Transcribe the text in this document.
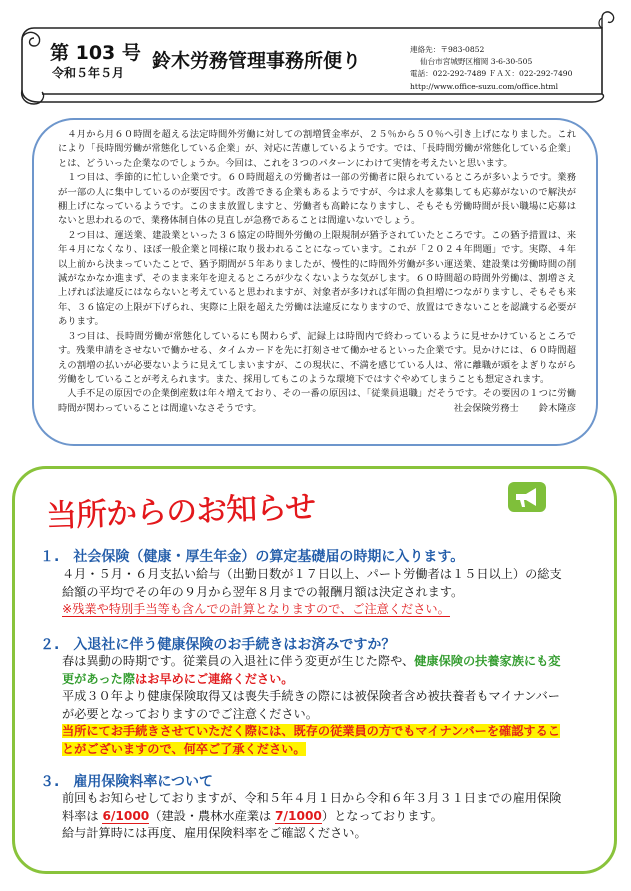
第 103 号
令和５年５月
鈴木労務管理事務所便り
連絡先：〒983-0852
仙台市宮城野区榴岡 3-6-30-505
電話：022-292-7489 ＦＡＸ：022-292-7490
http://www.office-suzu.com/office.html

４月から月６０時間を超える法定時間外労働に対しての割増賃金率が、２５％から５０％へ引き上げになりました。これにより「長時間労働が常態化している企業」が、対応に苦慮しているようです。では、「長時間労働が常態化している企業」とは、どういった企業なのでしょうか。今回は、これを３つのパターンにわけて実情を考えたいと思います。

１つ目は、季節的に忙しい企業です。６０時間超えの労働者は一部の労働者に限られているところが多いようです。業務が一部の人に集中しているのが要因です。改善できる企業もあるようですが、今は求人を募集しても応募がないので解決が棚上げになっているようです。このまま放置しますと、労働者も高齢になりますし、そもそも労働時間が長い職場に応募はないと思われるので、業務体制自体の見直しが急務であることは間違いないでしょう。

２つ目は、運送業、建設業といった３６協定の時間外労働の上限規制が猶予されていたところです。この猶予措置は、来年４月になくなり、ほぼ一般企業と同様に取り扱われることになっています。これが「２０２４年問題」です。実際、４年以上前から決まっていたことで、猶予期間が５年ありましたが、慢性的に時間外労働が多い運送業、建設業は労働時間の削減がなかなか進まず、そのまま来年を迎えるところが少なくないような気がします。６０時間超の時間外労働は、割増さえ上げれば法違反にはならないと考えていると思われますが、対象者が多ければ年間の負担増につながりますし、そもそも来年、３６協定の上限が下げられ、実際に上限を超えた労働は法違反になりますので、放置はできないことを認識する必要があります。

３つ目は、長時間労働が常態化しているにも関わらず、記録上は時間内で終わっているように見せかけているところです。残業申請をさせないで働かせる、タイムカードを先に打刻させて働かせるといった企業です。見かけには、６０時間超えの割増の払いが必要ないように見えてしまいますが、この現状に、不満を感じている人は、常に離職が頭をよぎりながら労働をしていることが考えられます。また、採用してもこのような環境下ではすぐやめてしまうことも想定されます。

人手不足の原因での企業倒産数は年々増えており、その一番の原因は、「従業員退職」だそうです。その要因の１つに労働時間が関わっていることは間違いなさそうです。	社会保険労務士 鈴木隆彦

当所からのお知らせ
１. 社会保険（健康・厚生年金）の算定基礎届の時期に入ります。
４月・５月・６月支払い給与（出勤日数が１７日以上、パート労働者は１５日以上）の総支
給額の平均でその年の９月から翌年８月までの報酬月額は決定されます。
※残業や特別手当等も含んでの計算となりますので、ご注意ください。
２. 入退社に伴う健康保険のお手続きはお済みですか？
春は異動の時期です。従業員の入退社に伴う変更が生じた際や、健康保険の扶養家族にも変
更があった際はお早めにご連絡ください。
平成３０年より健康保険取得又は喪失手続きの際には被保険者含め被扶養者もマイナンバー
が必要となっておりますのでご注意ください。
当所にてお手続きさせていただく際には、既存の従業員の方でもマイナンバーを確認するこ
とがございますので、何卒ご了承ください。
３. 雇用保険料率について
前回もお知らせしておりますが、令和５年４月１日から令和６年３月３１日までの雇用保険
料率は 6/1000（建設・農林水産業は 7/1000）となっております。
給与計算時には再度、雇用保険料率をご確認ください。
